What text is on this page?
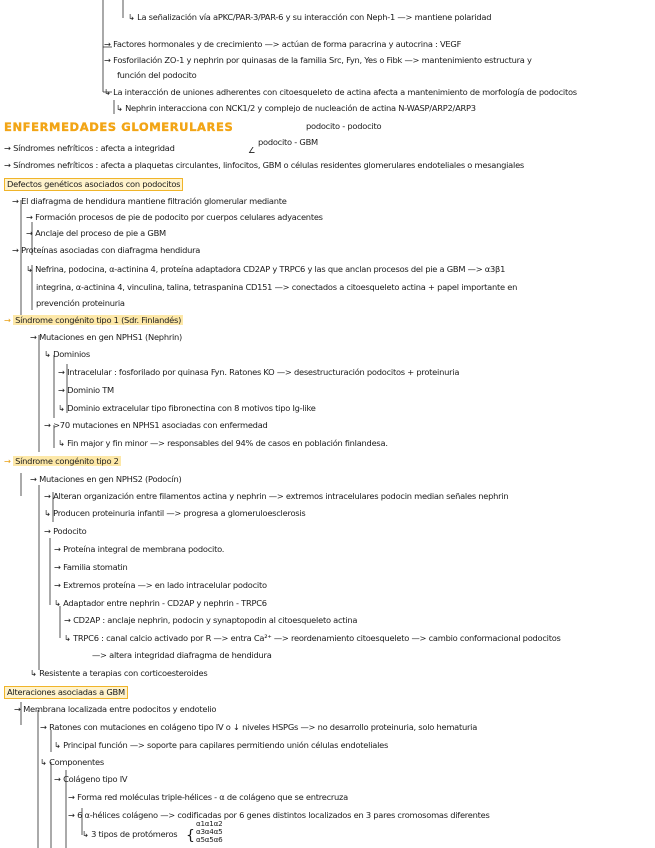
↳ La señalización vía aPKC/PAR-3/PAR-6 y su interacción con Neph-1 —> mantiene polaridad
→ Factores hormonales y de crecimiento —> actúan de forma paracrina y autocrina : VEGF
→ Fosforilación ZO-1 y nephrin por quinasas de la familia Src, Fyn, Yes o Fibk —> mantenimiento estructura y
función del podocito
↳ La interacción de uniones adherentes con citoesqueleto de actina afecta a mantenimiento de morfología de podocitos
↳ Nephrin interacciona con NCK1/2 y complejo de nucleación de actina N-WASP/ARP2/ARP3
ENFERMEDADES GLOMERULARES	podocito - podocito
∠
podocito - GBM
→ Síndromes nefríticos : afecta a integridad
→ Síndromes nefríticos : afecta a plaquetas circulantes, linfocitos, GBM o células residentes glomerulares endoteliales o mesangiales
Defectos genéticos asociados con podocitos
→ El diafragma de hendidura mantiene filtración glomerular mediante
→ Formación procesos de pie de podocito por cuerpos celulares adyacentes
→ Anclaje del proceso de pie a GBM
→ Proteínas asociadas con diafragma hendidura
↳ Nefrina, podocina, α-actinina 4, proteína adaptadora CD2AP y TRPC6 y las que anclan procesos del pie a GBM —> α3β1
integrina, α-actinina 4, vinculina, talina, tetraspanina CD151 —> conectados a citoesqueleto actina + papel importante en
prevención proteinuria
→ Síndrome congénito tipo 1 (Sdr. Finlandés)
→ Mutaciones en gen NPHS1 (Nephrin)
↳ Dominios
→ Intracelular : fosforilado por quinasa Fyn. Ratones KO —> desestructuración podocitos + proteinuria
→ Dominio TM
↳ Dominio extracelular tipo fibronectina con 8 motivos tipo Ig-like
→ >70 mutaciones en NPHS1 asociadas con enfermedad
↳ Fin major y fin minor —> responsables del 94% de casos en población finlandesa.
→ Síndrome congénito tipo 2
→ Mutaciones en gen NPHS2 (Podocín)
→ Alteran organización entre filamentos actina y nephrin —> extremos intracelulares podocin median señales nephrin
↳ Producen proteinuria infantil —> progresa a glomeruloesclerosis
→ Podocito
→ Proteína integral de membrana podocito.
→ Familia stomatin
→ Extremos proteína —> en lado intracelular podocito
↳ Adaptador entre nephrin - CD2AP y nephrin - TRPC6
→ CD2AP : anclaje nephrin, podocin y synaptopodin al citoesqueleto actina
↳ TRPC6 : canal calcio activado por R —> entra Ca²⁺ —> reordenamiento citoesqueleto —> cambio conformacional podocitos
—> altera integridad diafragma de hendidura
↳ Resistente a terapias con corticoesteroides
Alteraciones asociadas a GBM
→ Membrana localizada entre podocitos y endotelio
→ Ratones con mutaciones en colágeno tipo IV o ↓ niveles HSPGs —> no desarrollo proteinuria, solo hematuria
↳ Principal función —> soporte para capilares permitiendo unión células endoteliales
↳ Componentes
→ Colágeno tipo IV
→ Forma red moléculas triple-hélices - α de colágeno que se entrecruza
→ 6 α-hélices colágeno —> codificadas por 6 genes distintos localizados en 3 pares cromosomas diferentes
↳ 3 tipos de protómeros {
α1α1α2
α3α4α5
α5α5α6
